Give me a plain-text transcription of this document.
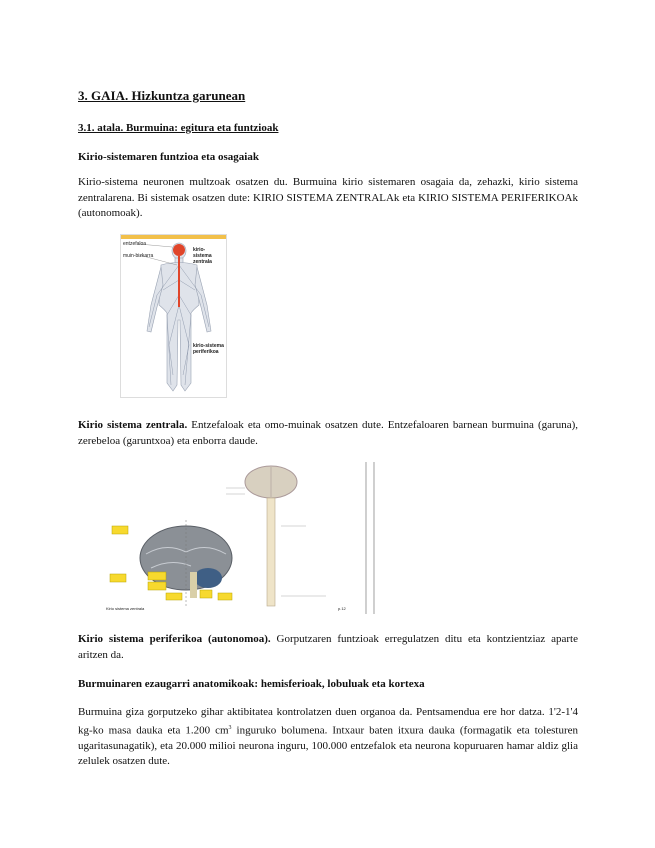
3. GAIA. Hizkuntza garunean
3.1. atala. Burmuina: egitura eta funtzioak
Kirio-sistemaren funtzioa eta osagaiak
Kirio-sistema neuronen multzoak osatzen du. Burmuina kirio sistemaren osagaia da, zehazki, kirio sistema zentralarena. Bi sistemak osatzen dute: KIRIO SISTEMA ZENTRALAk eta KIRIO SISTEMA PERIFERIKOAk (autonomoak).
entzefaloa
muin-bizkarra
kirio-sistema zentrala
kirio-sistema periferikoa
Kirio sistema zentrala. Entzefaloak eta omo-muinak osatzen dute. Entzefaloaren barnean burmuina (garuna), zerebeloa (garuntxoa) eta enborra daude.
Kirio sistema zentrala	p.12
Kirio sistema periferikoa (autonomoa). Gorputzaren funtzioak erregulatzen ditu eta kontzientziaz aparte aritzen da.
Burmuinaren ezaugarri anatomikoak: hemisferioak, lobuluak eta kortexa
Burmuina giza gorputzeko gihar aktibitatea kontrolatzen duen organoa da. Pentsamendua ere hor datza. 1'2-1'4 kg-ko masa dauka eta 1.200 $cm^3$ inguruko bolumena. Intxaur baten itxura dauka (formagatik eta tolesturen ugaritasunagatik), eta 20.000 milioi neurona inguru, 100.000 entzefalok eta neurona kopuruaren hamar aldiz glia zelulek osatzen dute.
